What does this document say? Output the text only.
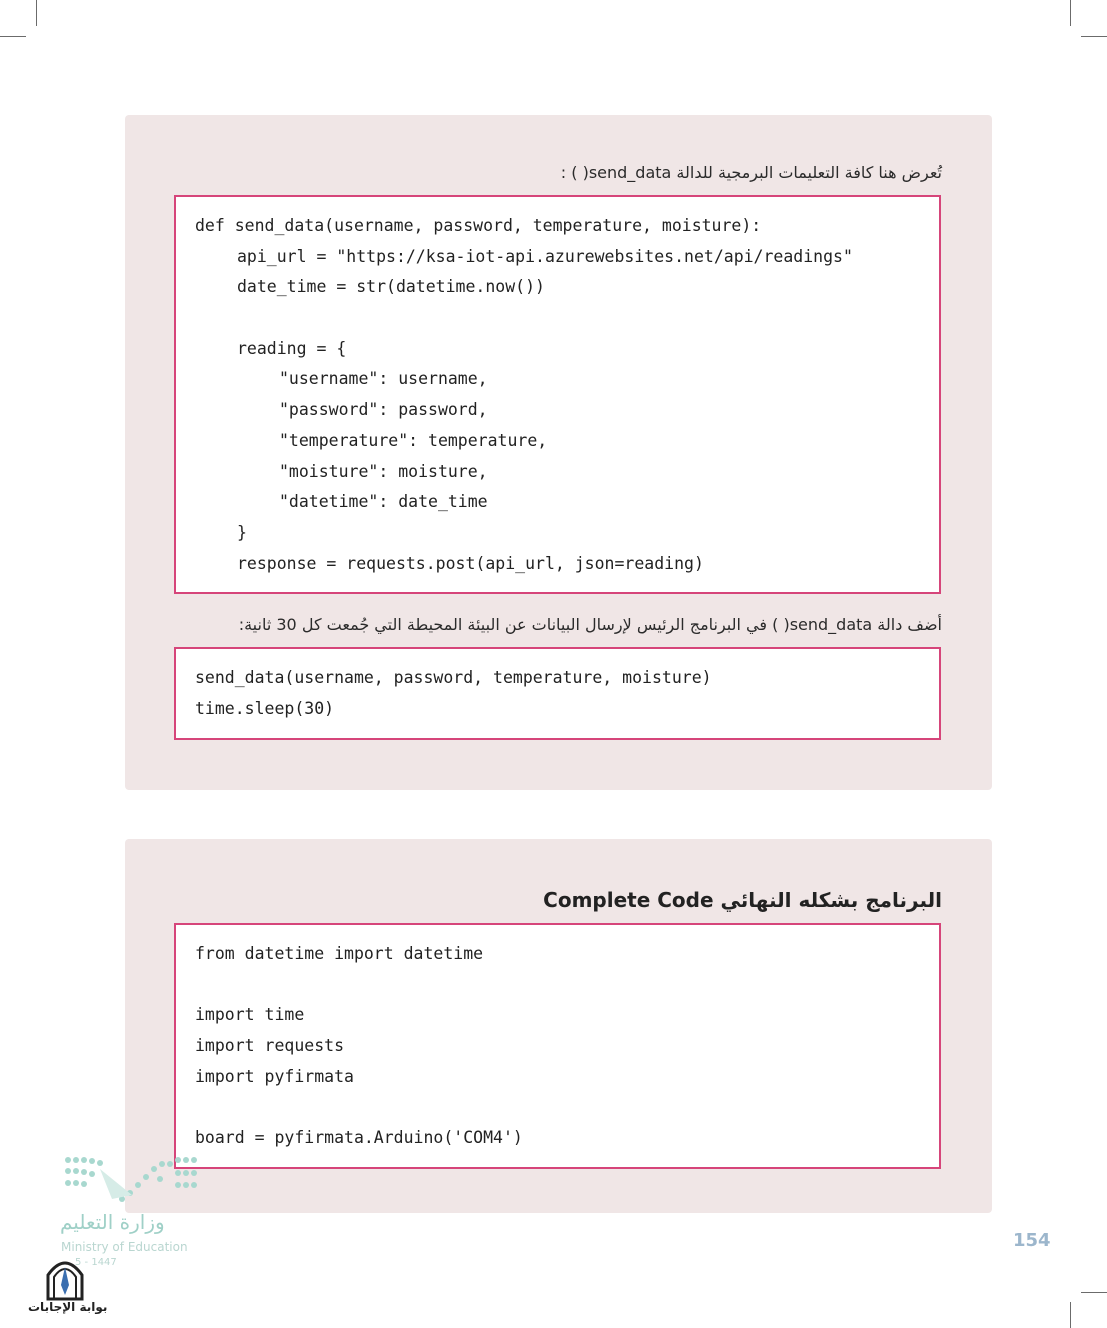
تُعرض هنا كافة التعليمات البرمجية للدالة send_data( ) :
def send_data(username, password, temperature, moisture):
api_url = "https://ksa-iot-api.azurewebsites.net/api/readings"
date_time = str(datetime.now())
reading = {
"username": username,
"password": password,
"temperature": temperature,
"moisture": moisture,
"datetime": date_time
}
response = requests.post(api_url, json=reading)
أضف دالة send_data( ) في البرنامج الرئيس لإرسال البيانات عن البيئة المحيطة التي جُمعت كل 30 ثانية:
send_data(username, password, temperature, moisture)
time.sleep(30)
البرنامج بشكله النهائي Complete Code
from datetime import datetime
import time
import requests
import pyfirmata
board = pyfirmata.Arduino('COM4')
وزارة التعليم
Ministry of Education
5 - 1447
بوابة الإجابات
154
